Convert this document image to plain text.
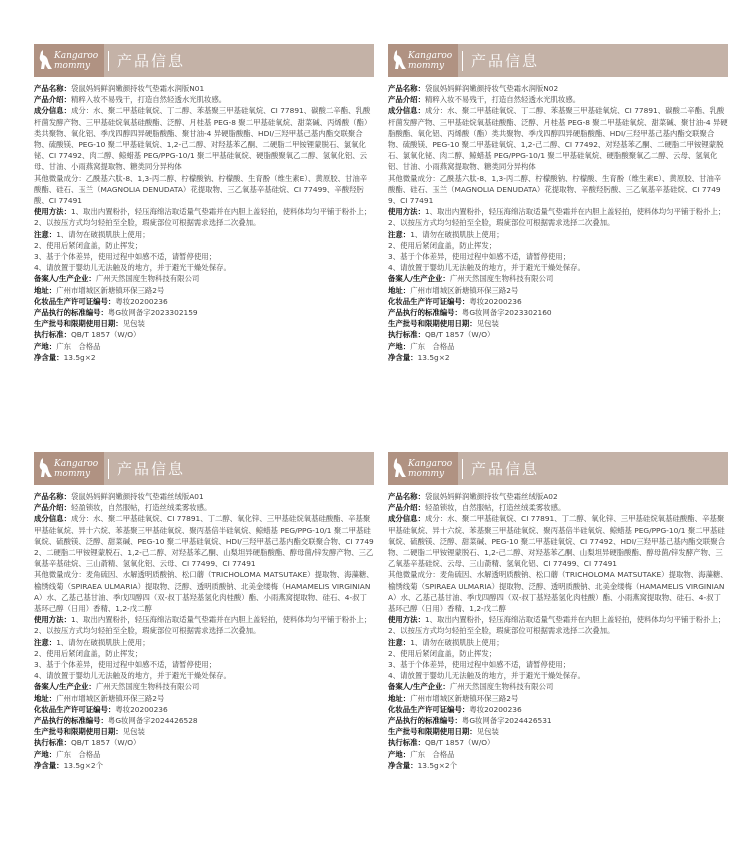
Kangaroo
mommy	产品信息

产品名称：袋鼠妈妈鲜润嫩颜持妆气垫霜水润版N01

产品介绍：精粹入妆不易残干，打造自然轻透水光肌妆感。

成分信息：成分：水、聚二甲基硅氧烷、丁二醇、苯基聚三甲基硅氧烷、CI 77891、碳酸二辛酯、乳酸杆菌发酵产物、三甲基硅烷氧基硅酸酯、泛醇、月桂基 PEG-8 聚二甲基硅氧烷、甜菜碱、丙烯酸（酯）类共聚物、氧化铝、季戊四醇四异硬脂酸酯、聚甘油-4 异硬脂酸酯、HDI/三羟甲基己基内酯交联聚合物、硫酸镁、PEG-10 聚二甲基硅氧烷、1,2-己二醇、对羟基苯乙酮、二硬脂二甲铵锂蒙脱石、氯氧化铋、CI 77492、肉二醇、鲸蜡基 PEG/PPG-10/1 聚二甲基硅氧烷、硬脂酸聚氧乙二醇、氢氧化铝、云母、甘油、小雨燕窝提取物、糖类同分异构体

其他微量成分：乙酰基六肽-8、1,3-丙二醇、柠檬酸钠、柠檬酸、生育酚（维生素E）、黄原胶、甘油辛酸酯、硅石、玉兰（MAGNOLIA DENUDATA）花提取物、三乙氧基辛基硅烷、CI 77499、辛酸羟肟酸、CI 77491

使用方法：1、取出内置粉扑，轻压海绵沾取适量气垫霜并在内胆上盖轻拍，使料体均匀平铺于粉扑上；

2、以按压方式均匀轻拍至全脸，瑕疵部位可根据需求选择二次叠加。

注意：1、请勿在破损肌肤上使用；

2、使用后紧闭盒盖，防止挥发；

3、基于个体差异，使用过程中如感不适，请暂停使用；

4、请放置于婴幼儿无法触及的地方，并于避光干燥处保存。

备案人/生产企业：广州天然国度生物科技有限公司

地址：广州市增城区新塘镇环保三路2号

化妆品生产许可证编号：粤妆20200236

产品执行的标准编号：粤G妆网备字2023302159

生产批号和限期使用日期：见包装

执行标准：QB/T 1857（W/O）

产地：广东　合格品

净含量：13.5g×2

Kangaroo
mommy	产品信息

产品名称：袋鼠妈妈鲜润嫩颜持妆气垫霜水润版N02

产品介绍：精粹入妆不易残干，打造自然轻透水光肌妆感。

成分信息：成分：水、聚二甲基硅氧烷、丁二醇、苯基聚三甲基硅氧烷、CI 77891、碳酸二辛酯、乳酸杆菌发酵产物、三甲基硅烷氧基硅酸酯、泛醇、月桂基 PEG-8 聚二甲基硅氧烷、甜菜碱、聚甘油-4 异硬脂酸酯、氧化铝、丙烯酸（酯）类共聚物、季戊四醇四异硬脂酸酯、HDI/三羟甲基己基内酯交联聚合物、硫酸镁、PEG-10 聚二甲基硅氧烷、1,2-己二醇、CI 77492、对羟基苯乙酮、二硬脂二甲铵锂蒙脱石、氯氧化铋、肉二醇、鲸蜡基 PEG/PPG-10/1 聚二甲基硅氧烷、硬脂酸聚氧乙二醇、云母、氢氧化铝、甘油、小雨燕窝提取物、糖类同分异构体

其他微量成分：乙酰基六肽-8、1,3-丙二醇、柠檬酸钠、柠檬酸、生育酚（维生素E）、黄原胶、甘油辛酸酯、硅石、玉兰（MAGNOLIA DENUDATA）花提取物、辛酸羟肟酸、三乙氧基辛基硅烷、CI 77499、CI 77491

使用方法：1、取出内置粉扑，轻压海绵沾取适量气垫霜并在内胆上盖轻拍，使料体均匀平铺于粉扑上；

2、以按压方式均匀轻拍至全脸，瑕疵部位可根据需求选择二次叠加。

注意：1、请勿在破损肌肤上使用；

2、使用后紧闭盒盖，防止挥发；

3、基于个体差异，使用过程中如感不适，请暂停使用；

4、请放置于婴幼儿无法触及的地方，并于避光干燥处保存。

备案人/生产企业：广州天然国度生物科技有限公司

地址：广州市增城区新塘镇环保三路2号

化妆品生产许可证编号：粤妆20200236

产品执行的标准编号：粤G妆网备字2023302160

生产批号和限期使用日期：见包装

执行标准：QB/T 1857（W/O）

产地：广东　合格品

净含量：13.5g×2

Kangaroo
mommy	产品信息

产品名称：袋鼠妈妈鲜润嫩颜持妆气垫霜丝绒版A01

产品介绍：轻盈锁妆，自然服帖，打造丝绒柔雾妆感。

成分信息：成分：水、聚二甲基硅氧烷、CI 77891、丁二醇、氧化锌、三甲基硅烷氧基硅酸酯、辛基聚甲基硅氧烷、异十六烷、苯基聚三甲基硅氧烷、聚丙基倍半硅氧烷、鲸蜡基 PEG/PPG-10/1 聚二甲基硅氧烷、硫酸镁、泛醇、甜菜碱、PEG-10 聚二甲基硅氧烷、HDI/三羟甲基己基内酯交联聚合物、CI 77492、二硬脂二甲铵锂蒙脱石、1,2-己二醇、对羟基苯乙酮、山梨坦异硬脂酸酯、醇母菌/锌发酵产物、三乙氧基辛基硅烷、三山萮精、氢氧化铝、云母、CI 77499、CI 77491

其他微量成分：麦角硫因、水解透明质酸钠、松口蘑（TRICHOLOMA MATSUTAKE）提取物、海藻糖、榆绣线菊（SPIRAEA ULMARIA）提取物、泛醇、透明质酸钠、北美金缕梅（HAMAMELIS VIRGINIANA）水、乙基己基甘油、季戊四醇四（双-叔丁基羟基氢化肉桂酸）酯、小雨燕窝提取物、硅石、4-叔丁基环己醇（日用）香精、1,2-戊二醇

使用方法：1、取出内置粉扑，轻压海绵沾取适量气垫霜并在内胆上盖轻拍，使料体均匀平铺于粉扑上；

2、以按压方式均匀轻拍至全脸，瑕疵部位可根据需求选择二次叠加。

注意：1、请勿在破损肌肤上使用；

2、使用后紧闭盒盖，防止挥发；

3、基于个体差异，使用过程中如感不适，请暂停使用；

4、请放置于婴幼儿无法触及的地方，并于避光干燥处保存。

备案人/生产企业：广州天然国度生物科技有限公司

地址：广州市增城区新塘镇环保三路2号

化妆品生产许可证编号：粤妆20200236

产品执行的标准编号：粤G妆网备字2024426528

生产批号和限期使用日期：见包装

执行标准：QB/T 1857（W/O）

产地：广东　合格品

净含量：13.5g×2个

Kangaroo
mommy	产品信息

产品名称：袋鼠妈妈鲜润嫩颜持妆气垫霜丝绒版A02

产品介绍：轻盈锁妆，自然服帖，打造丝绒柔雾妆感。

成分信息：成分：水、聚二甲基硅氧烷、CI 77891、丁二醇、氧化锌、三甲基硅烷氧基硅酸酯、辛基聚甲基硅氧烷、异十六烷、苯基聚三甲基硅氧烷、聚丙基倍半硅氧烷、鲸蜡基 PEG/PPG-10/1 聚二甲基硅氧烷、硫酸镁、泛醇、甜菜碱、PEG-10 聚二甲基硅氧烷、CI 77492、HDI/三羟甲基己基内酯交联聚合物、二硬脂二甲铵锂蒙脱石、1,2-己二醇、对羟基苯乙酮、山梨坦异硬脂酸酯、醇母菌/锌发酵产物、三乙氧基辛基硅烷、云母、三山萮精、氢氧化铝、CI 77499、CI 77491

其他微量成分：麦角硫因、水解透明质酸钠、松口蘑（TRICHOLOMA MATSUTAKE）提取物、海藻糖、榆绣线菊（SPIRAEA ULMARIA）提取物、泛醇、透明质酸钠、北美金缕梅（HAMAMELIS VIRGINIANA）水、乙基己基甘油、季戊四醇四（双-叔丁基羟基氢化肉桂酸）酯、小雨燕窝提取物、硅石、4-叔丁基环己醇（日用）香精、1,2-戊二醇

使用方法：1、取出内置粉扑，轻压海绵沾取适量气垫霜并在内胆上盖轻拍，使料体均匀平铺于粉扑上；

2、以按压方式均匀轻拍至全脸，瑕疵部位可根据需求选择二次叠加。

注意：1、请勿在破损肌肤上使用；

2、使用后紧闭盒盖，防止挥发；

3、基于个体差异，使用过程中如感不适，请暂停使用；

4、请放置于婴幼儿无法触及的地方，并于避光干燥处保存。

备案人/生产企业：广州天然国度生物科技有限公司

地址：广州市增城区新塘镇环保三路2号

化妆品生产许可证编号：粤妆20200236

产品执行的标准编号：粤G妆网备字2024426531

生产批号和限期使用日期：见包装

执行标准：QB/T 1857（W/O）

产地：广东　合格品

净含量：13.5g×2个
